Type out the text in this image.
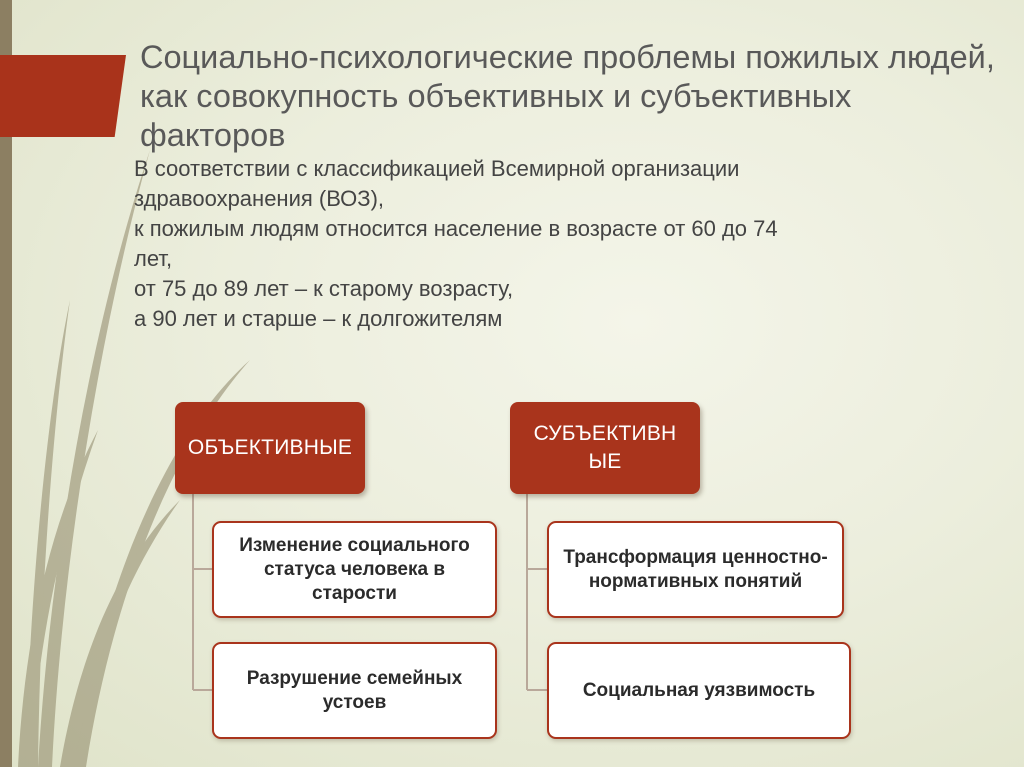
Социально-психологические проблемы пожилых людей, как совокупность объективных и субъективных факторов
В соответствии с классификацией Всемирной организации
здравоохранения (ВОЗ),
к пожилым людям относится население в возрасте от 60 до 74
лет,
от 75 до 89 лет – к старому возрасту,
а 90 лет и старше – к долгожителям
ОБЪЕКТИВНЫЕ
СУБЪЕКТИВН ЫЕ
Изменение социального статуса человека в старости
Разрушение семейных устоев
Трансформация ценностно-нормативных понятий
Социальная уязвимость
